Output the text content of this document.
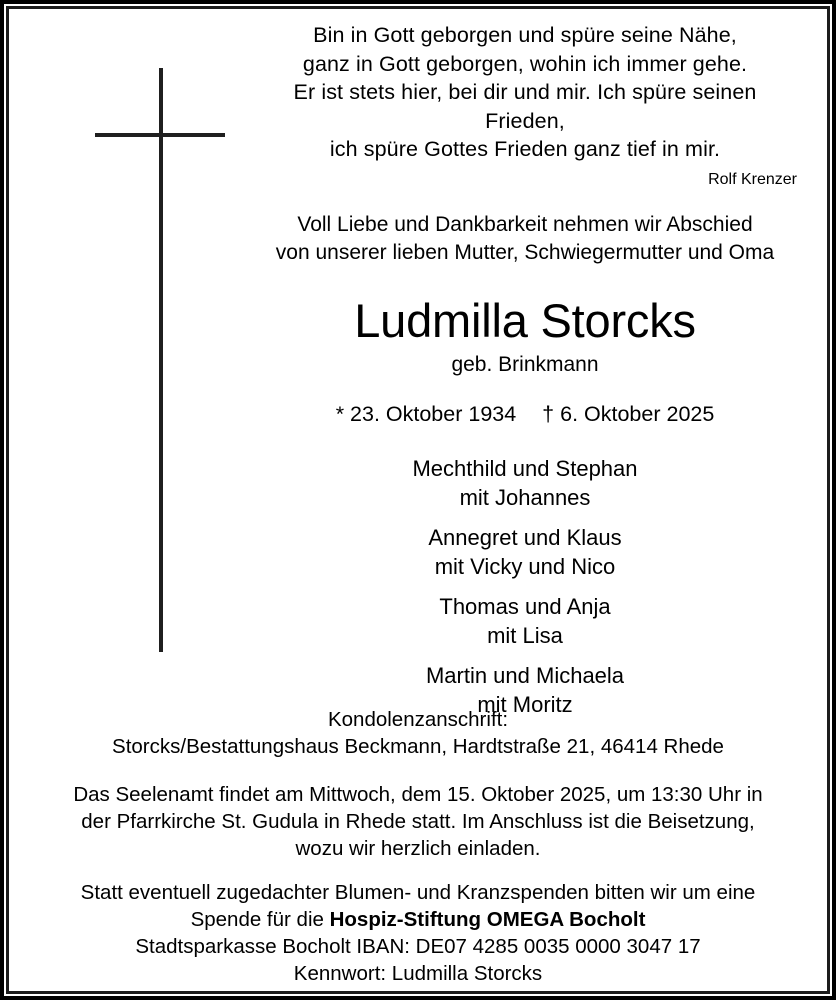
Bin in Gott geborgen und spüre seine Nähe,
ganz in Gott geborgen, wohin ich immer gehe.
Er ist stets hier, bei dir und mir. Ich spüre seinen
Frieden,
ich spüre Gottes Frieden ganz tief in mir.
Rolf Krenzer
Voll Liebe und Dankbarkeit nehmen wir Abschied
von unserer lieben Mutter, Schwiegermutter und Oma
Ludmilla Storcks
geb. Brinkmann
* 23. Oktober 1934 † 6. Oktober 2025
Mechthild und Stephan
mit Johannes
Annegret und Klaus
mit Vicky und Nico
Thomas und Anja
mit Lisa
Martin und Michaela
mit Moritz
Kondolenzanschrift:
Storcks/Bestattungshaus Beckmann, Hardtstraße 21, 46414 Rhede
Das Seelenamt findet am Mittwoch, dem 15. Oktober 2025, um 13:30 Uhr in
der Pfarrkirche St. Gudula in Rhede statt. Im Anschluss ist die Beisetzung,
wozu wir herzlich einladen.
Statt eventuell zugedachter Blumen- und Kranzspenden bitten wir um eine
Spende für die Hospiz-Stiftung OMEGA Bocholt
Stadtsparkasse Bocholt IBAN: DE07 4285 0035 0000 3047 17
Kennwort: Ludmilla Storcks
